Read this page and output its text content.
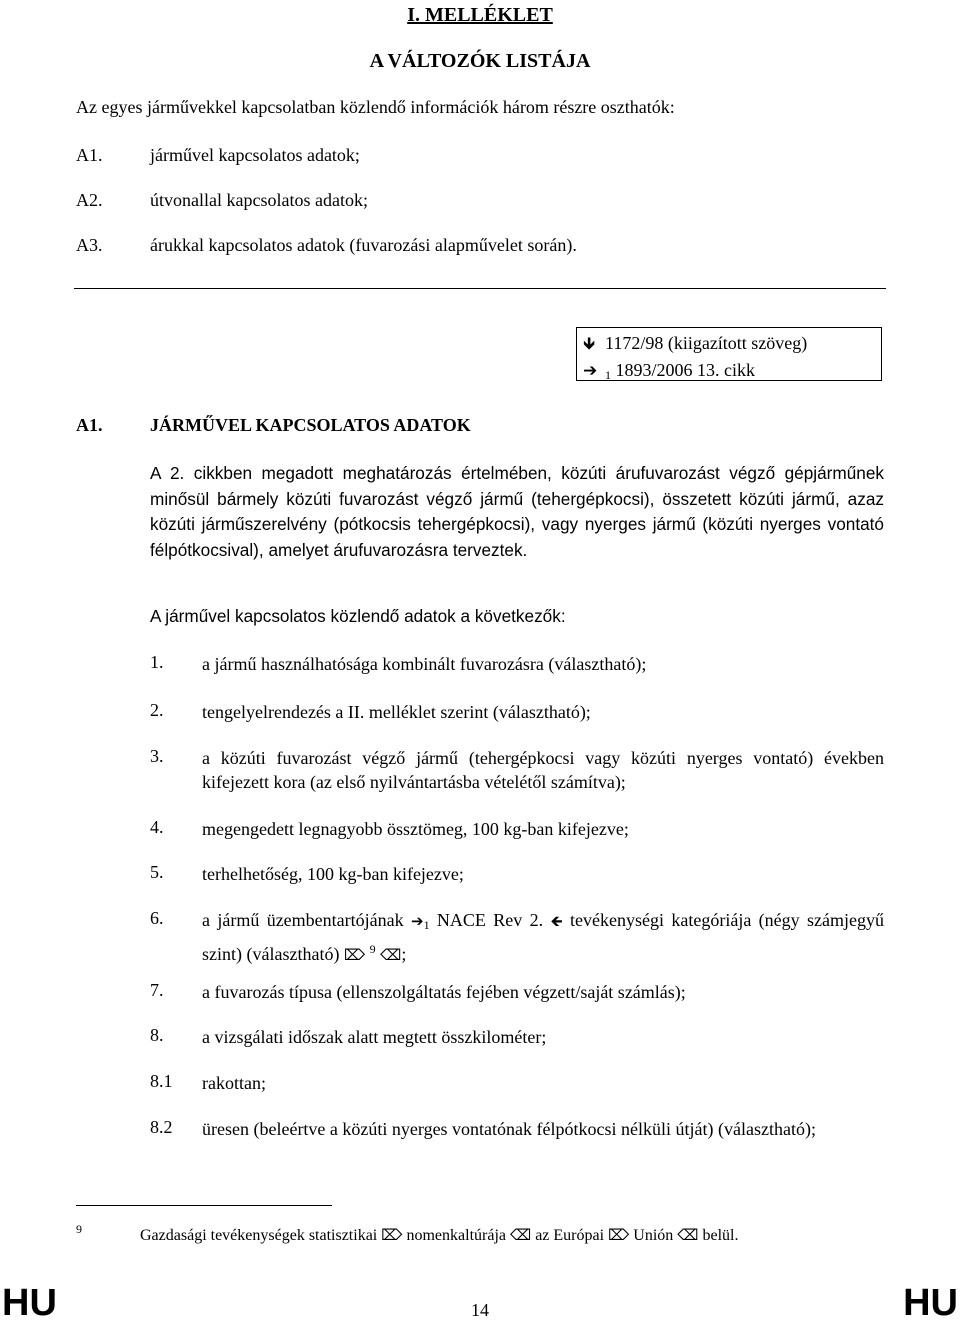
I. MELLÉKLET
A VÁLTOZÓK LISTÁJA
Az egyes járművekkel kapcsolatban közlendő információk három részre oszthatók:
A1.	járművel kapcsolatos adatok;
A2.	útvonallal kapcsolatos adatok;
A3.	árukkal kapcsolatos adatok (fuvarozási alapművelet során).
🡻 1172/98 (kiigazított szöveg)
➔ $_1$ 1893/2006 13. cikk
A1.	JÁRMŰVEL KAPCSOLATOS ADATOK
A 2. cikkben megadott meghatározás értelmében, közúti árufuvarozást végző gépjárműnek minősül bármely közúti fuvarozást végző jármű (tehergépkocsi), összetett közúti jármű, azaz közúti járműszerelvény (pótkocsis tehergépkocsi), vagy nyerges jármű (közúti nyerges vontató félpótkocsival), amelyet árufuvarozásra terveztek.
A járművel kapcsolatos közlendő adatok a következők:
1. a jármű használhatósága kombinált fuvarozásra (választható);
2. tengelyelrendezés a II. melléklet szerint (választható);
3. a közúti fuvarozást végző jármű (tehergépkocsi vagy közúti nyerges vontató) években kifejezett kora (az első nyilvántartásba vételétől számítva);
4. megengedett legnagyobb össztömeg, 100 kg-ban kifejezve;
5. terhelhetőség, 100 kg-ban kifejezve;
6. a jármű üzembentartójának $➔_1$ NACE Rev 2. 🡸 tevékenységi kategóriája (négy számjegyű szint) (választható) ⌦ $^9$ ⌫;
7. a fuvarozás típusa (ellenszolgáltatás fejében végzett/saját számlás);
8. a vizsgálati időszak alatt megtett összkilométer;
8.1 rakottan;
8.2 üresen (beleértve a közúti nyerges vontatónak félpótkocsi nélküli útját) (választható);
9	Gazdasági tevékenységek statisztikai ⌦ nomenkaltúrája ⌫ az Európai ⌦ Unión ⌫ belül.
HU	14	HU
